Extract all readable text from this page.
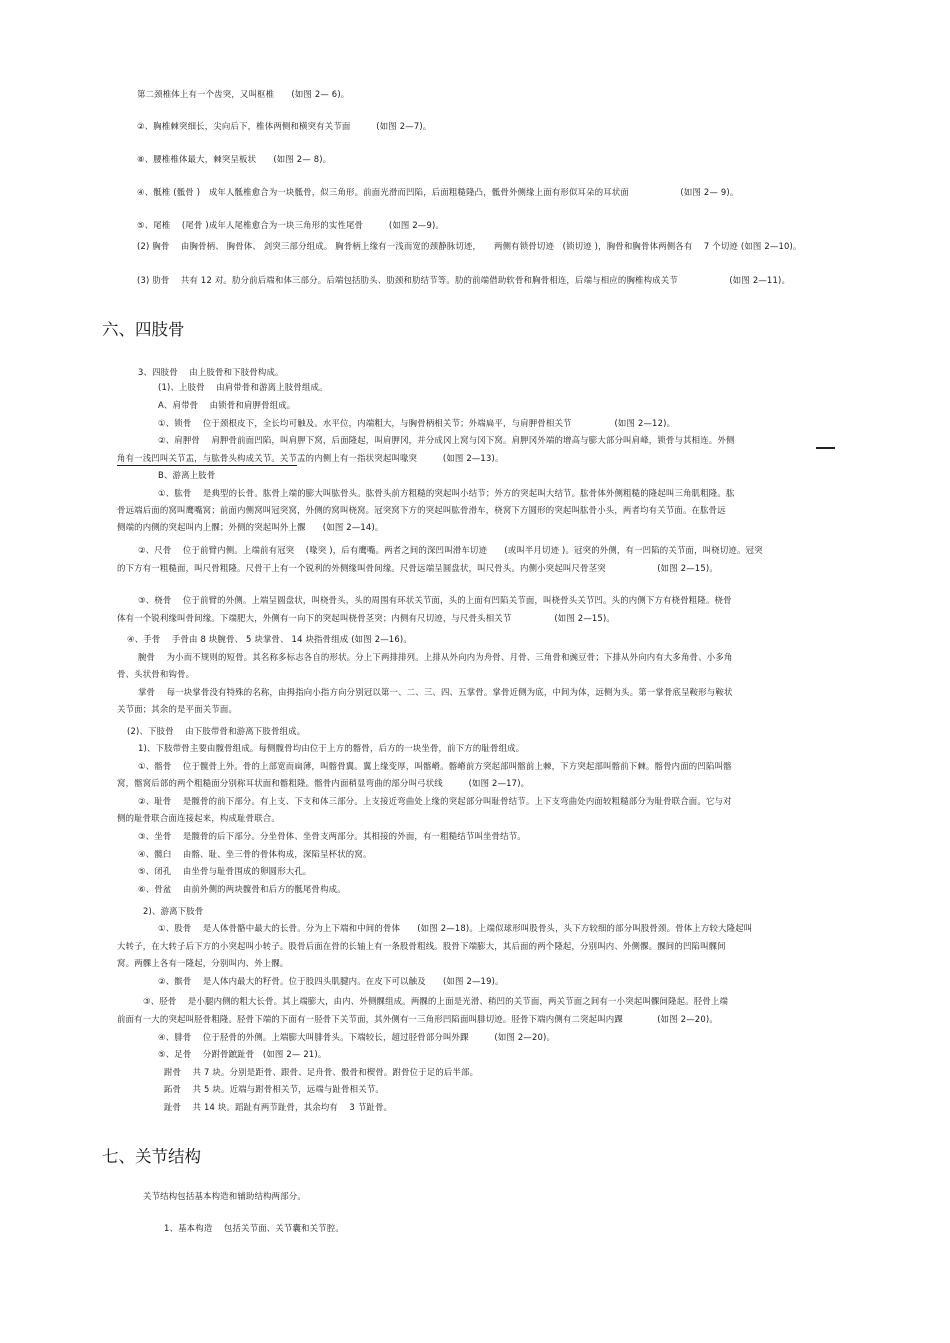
第二颈椎体上有一个齿突，又叫枢椎　　(如图 2— 6)。
②、胸椎棘突细长，尖向后下，椎体两侧和横突有关节面　　　(如图 2—7)。
⑧、腰椎椎体最大，棘突呈板状　　(如图 2— 8)。
④、骶椎 (骶骨 )　成年人骶椎愈合为一块骶骨，似三角形。前面光滑而凹陷，后面粗糙隆凸，骶骨外侧缘上面有形似耳朵的耳状面　　　　　　(如图 2— 9)。
⑤、尾椎　 (尾骨 )成年人尾椎愈合为一块三角形的实性尾骨　　　(如图 2—9)。
(2) 胸骨　 由胸骨柄、 胸骨体、 剑突三部分组成。 胸骨柄上缘有一浅而宽的颈静脉切迹，　　两侧有锁骨切迹　(锁切迹 )，胸骨和胸骨体两侧各有　 7 个切迹 (如图 2—10)。
(3) 肋骨　 共有 12 对。肋分前后端和体三部分。后端包括肋头、肋颈和肋结节等。肋的前端借助软骨和胸骨相连，后端与相应的胸椎构成关节　　　　　　(如图 2—11)。
六、四肢骨
3、四肢骨　 由上肢骨和下肢骨构成。
(1)、上肢骨　 由肩带骨和游离上肢骨组成。
A、肩带骨　 由锁骨和肩胛骨组成。
①、锁骨　 位于颈根皮下，全长均可触及。水平位，内端粗大，与胸骨柄相关节；外端扁平，与肩胛骨相关节　　　　　(如图 2—12)。
②、肩胛骨　 肩胛骨前面凹陷，叫肩胛下窝，后面隆起，叫肩胛冈，并分成冈上窝与冈下窝。肩胛冈外端的增高与膨大部分叫肩峰，锁骨与其相连。外侧
角有一浅凹叫关节盂，与肱骨头构成关节。关节盂的内侧上有一指状突起叫喙突　　　(如图 2—13)。
B、游离上肢骨
①、肱骨　 是典型的长骨。肱骨上端的膨大叫肱骨头。肱骨头前方粗糙的突起叫小结节；外方的突起叫大结节。肱骨体外侧粗糙的隆起叫三角肌粗隆。肱
骨远端后面的窝叫鹰嘴窝；前面内侧窝叫冠突窝，外侧的窝叫桡窝。冠突窝下方的突起叫肱骨滑车，桡窝下方圆形的突起叫肱骨小头，两者均有关节面。在肱骨远
侧端的内侧的突起叫内上髁；外侧的突起叫外上髁　　(如图 2—14)。
②、尺骨　 位于前臂内侧。上端前有冠突　 (喙突 )，后有鹰嘴。两者之间的深凹叫滑车切迹　　(或叫半月切迹 )。冠突的外侧，有一凹陷的关节面，叫桡切迹。冠突
的下方有一粗糙面，叫尺骨粗隆。尺骨干上有一个锐利的外侧缘叫骨间缘。尺骨远端呈圆盘状，叫尺骨头。内侧小突起叫尺骨茎突　　　　　　(如图 2—15)。
③、桡骨　 位于前臂的外侧。上端呈圆盘状，叫桡骨头，头的周围有环状关节面，头的上面有凹陷关节面，叫桡骨头关节凹。头的内侧下方有桡骨粗隆。桡骨
体有一个锐利缘叫骨间缘。下端肥大，外侧有一向下的突起叫桡骨茎突；内侧有尺切迹，与尺骨头相关节　　　　　(如图 2—15)。
④、手骨　 手骨由 8 块腕骨、 5 块掌骨、 14 块指骨组成 (如图 2—16)。
腕骨　 为小而不规则的短骨。其名称多标志各自的形状。分上下两排排列。上排从外向内为舟骨、月骨、三角骨和豌豆骨；下排从外向内有大多角骨、小多角
骨、头状骨和钩骨。
掌骨　 每一块掌骨没有特殊的名称，由拇指向小指方向分别冠以第一、二、三、四、五掌骨。掌骨近侧为底，中间为体，远侧为头。第一掌骨底呈鞍形与鞍状
关节面；其余的是平面关节面。
(2)、下肢骨　 由下肢带骨和游离下肢骨组成。
1)、下肢带骨主要由髋骨组成。每侧髋骨均由位于上方的髂骨，后方的一块坐骨，前下方的耻骨组成。
①、髂骨　 位于髋骨上外。骨的上部宽而扁薄，叫髂骨翼。翼上缘变厚，叫髂嵴。髂嵴前方突起部叫髂前上棘，下方突起部叫髂前下棘。髂骨内面的凹陷叫髂
窝，髂窝后部的两个粗糙面分别称耳状面和髂粗隆。髂骨内面稍显弯曲的部分叫弓状线　　　(如图 2—17)。
②、耻骨　 是髋骨的前下部分。有上支、下支和体三部分。上支接近弯曲处上缘的突起部分叫耻骨结节。上下支弯曲处内面较粗糙部分为耻骨联合面。它与对
侧的耻骨联合面连接起来，构成耻骨联合。
③、坐骨　 是髋骨的后下部分。分坐骨体、坐骨支两部分。其相接的外面，有一粗糙结节叫坐骨结节。
④、髋臼　 由髂、耻、坐三骨的骨体构成，深陷呈杯状的窝。
⑤、闭孔　 由坐骨与耻骨围成的卵圆形大孔。
⑥、骨盆　 由前外侧的两块髋骨和后方的骶尾骨构成。
2)、游离下肢骨
①、股骨　 是人体骨骼中最大的长骨。分为上下端和中间的骨体　　(如图 2—18)。上端似球形叫股骨头，头下方较细的部分叫股骨颈。骨体上方较大隆起叫
大转子，在大转子后下方的小突起叫小转子。股骨后面在骨的长轴上有一条股骨粗线。股骨下端膨大，其后面的两个隆起，分别叫内、外侧髁。髁间的凹陷叫髁间
窝。两髁上各有一隆起，分别叫内、外上髁。
②、髌骨　 是人体内最大的籽骨。位于股四头肌腱内。在皮下可以触及　　(如图 2—19)。
③、胫骨　 是小腿内侧的粗大长骨。其上端膨大，由内、外侧髁组成。两髁的上面是光滑、稍凹的关节面，两关节面之间有一小突起叫髁间隆起。胫骨上端
前面有一大的突起叫胫骨粗隆。胫骨下端的下面有一胫骨下关节面，其外侧有一三角形凹陷面叫腓切迹。胫骨下端内侧有二突起叫内踝　　　　(如图 2—20)。
④、腓骨　 位于胫骨的外侧。上端膨大叫腓骨头。下端较长，超过胫骨部分叫外踝　　　(如图 2—20)。
⑤、足骨　 分跗骨蹠趾骨　(如图 2— 21)。
跗骨　 共 7 块。分别是距骨、跟骨、足舟骨、骰骨和楔骨。跗骨位于足的后半部。
跖骨　 共 5 块。近端与跗骨相关节，远端与趾骨相关节。
趾骨　 共 14 块。蹈趾有两节趾骨，其余均有　 3 节趾骨。
七、关节结构
关节结构包括基本构造和辅助结构两部分。
1、基本构造　 包括关节面、关节囊和关节腔。
